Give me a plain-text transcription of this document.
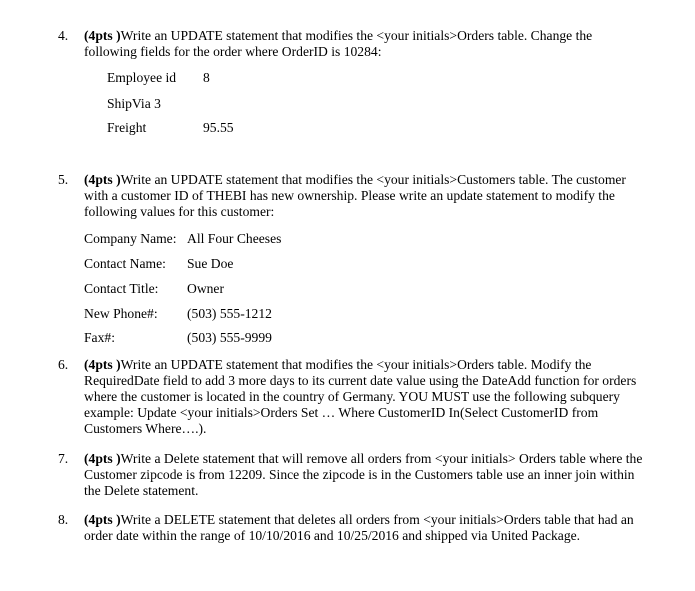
4. (4pts )Write an UPDATE statement that modifies the <your initials>Orders table. Change the following fields for the order where OrderID is 10284:
Employee id 8
ShipVia 3
Freight	95.55
5. (4pts )Write an UPDATE statement that modifies the <your initials>Customers table. The customer with a customer ID of THEBI has new ownership. Please write an update statement to modify the following values for this customer:
Company Name: All Four Cheeses
Contact Name: Sue Doe
Contact Title: Owner
New Phone#: (503) 555-1212
Fax#:	(503) 555-9999
6. (4pts )Write an UPDATE statement that modifies the <your initials>Orders table. Modify the RequiredDate field to add 3 more days to its current date value using the DateAdd function for orders where the customer is located in the country of Germany. YOU MUST use the following subquery example: Update <your initials>Orders Set … Where CustomerID In(Select CustomerID from Customers Where….).
7. (4pts )Write a Delete statement that will remove all orders from <your initials> Orders table where the Customer zipcode is from 12209. Since the zipcode is in the Customers table use an inner join within the Delete statement.
8. (4pts )Write a DELETE statement that deletes all orders from <your initials>Orders table that had an order date within the range of 10/10/2016 and 10/25/2016 and shipped via United Package.
